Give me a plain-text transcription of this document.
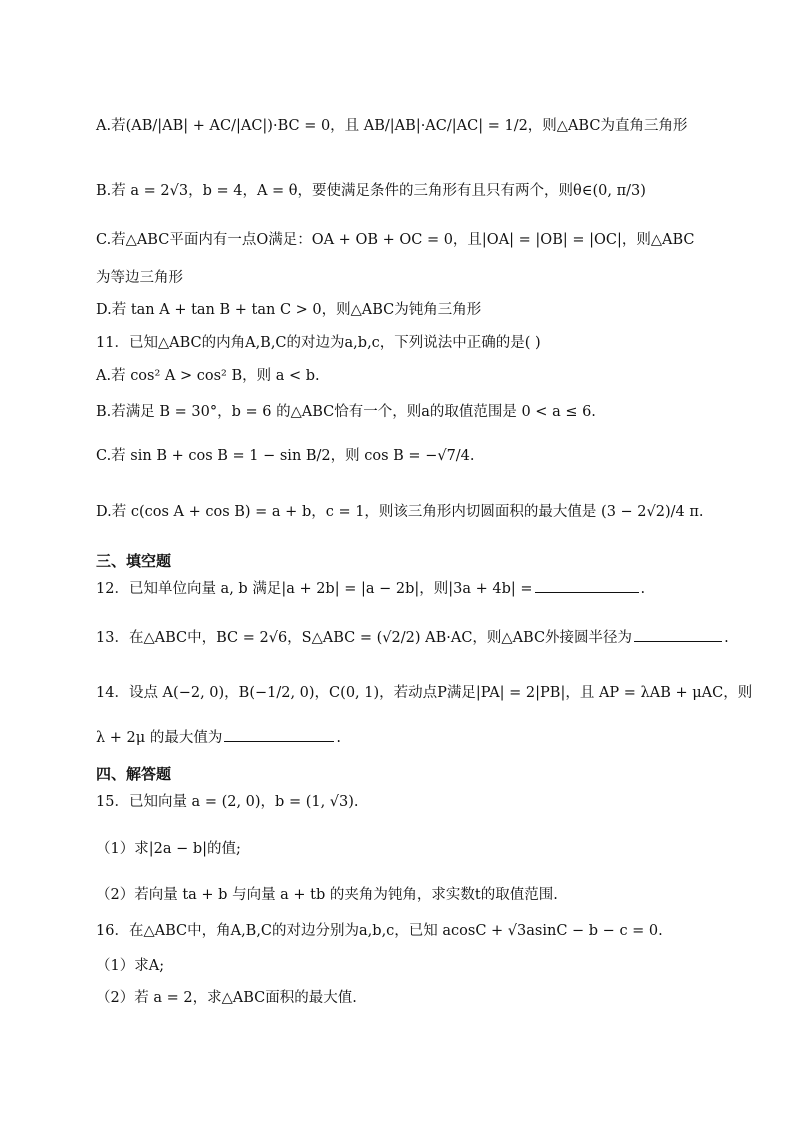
A.若(AB/|AB| + AC/|AC|)·BC = 0，且 AB/|AB|·AC/|AC| = 1/2，则△ABC为直角三角形
B.若 a = 2√3，b = 4，A = θ，要使满足条件的三角形有且只有两个，则θ∈(0, π/3)
C.若△ABC平面内有一点O满足：OA + OB + OC = 0，且|OA| = |OB| = |OC|，则△ABC
为等边三角形
D.若 tan A + tan B + tan C > 0，则△ABC为钝角三角形
11．已知△ABC的内角A,B,C的对边为a,b,c，下列说法中正确的是( )
A.若 cos² A > cos² B，则 a < b.
B.若满足 B = 30°，b = 6 的△ABC恰有一个，则a的取值范围是 0 < a ≤ 6.
C.若 sin B + cos B = 1 − sin B/2，则 cos B = −√7/4.
D.若 c(cos A + cos B) = a + b，c = 1，则该三角形内切圆面积的最大值是 (3 − 2√2)/4 π.
三、填空题
12．已知单位向量 a, b 满足|a + 2b| = |a − 2b|，则|3a + 4b| =	.
13．在△ABC中，BC = 2√6，S△ABC = (√2/2) AB·AC，则△ABC外接圆半径为	.
14．设点 A(−2, 0)，B(−1/2, 0)，C(0, 1)，若动点P满足|PA| = 2|PB|，且 AP = λAB + μAC，则
λ + 2μ 的最大值为	.
四、解答题
15．已知向量 a = (2, 0)，b = (1, √3).
（1）求|2a − b|的值;
（2）若向量 ta + b 与向量 a + tb 的夹角为钝角，求实数t的取值范围.
16．在△ABC中，角A,B,C的对边分别为a,b,c，已知 acosC + √3asinC − b − c = 0.
（1）求A;
（2）若 a = 2，求△ABC面积的最大值.
